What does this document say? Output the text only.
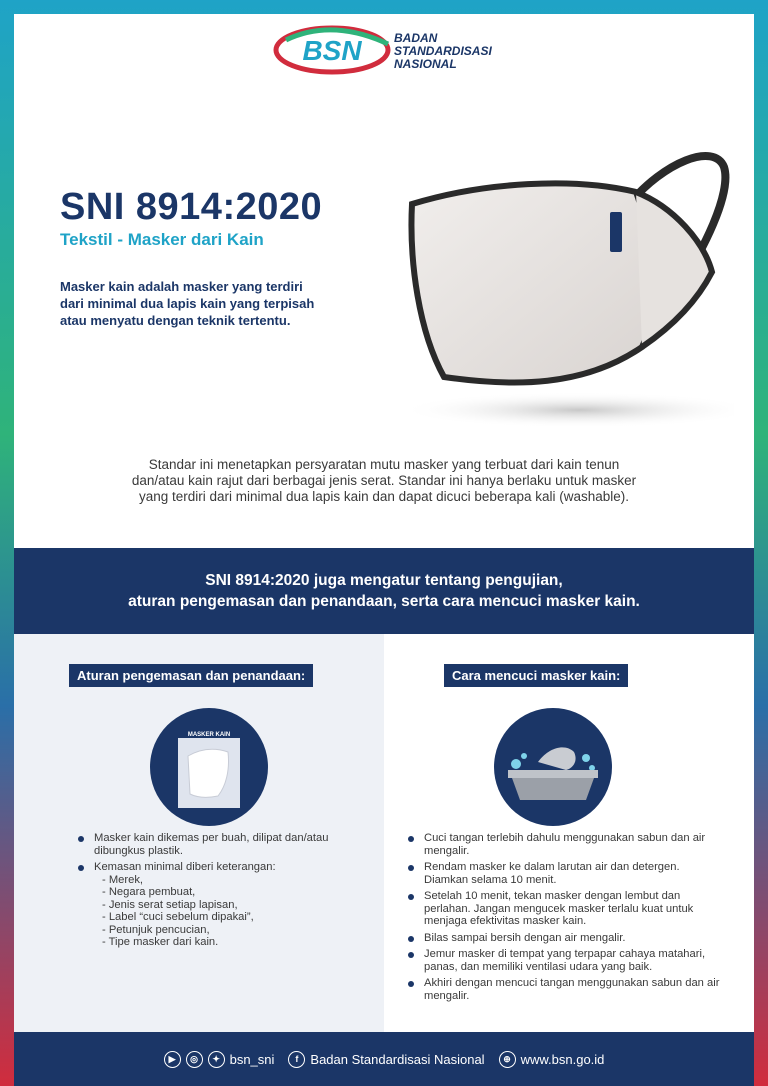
BSN	BADAN
STANDARDISASI
NASIONAL
SNI 8914:2020
Tekstil - Masker dari Kain
Masker kain adalah masker yang terdiri dari minimal dua lapis kain yang terpisah atau menyatu dengan teknik tertentu.
Standar ini menetapkan persyaratan mutu masker yang terbuat dari kain tenun
dan/atau kain rajut dari berbagai jenis serat. Standar ini hanya berlaku untuk masker
yang terdiri dari minimal dua lapis kain dan dapat dicuci beberapa kali (washable).
SNI 8914:2020 juga mengatur tentang pengujian,
aturan pengemasan dan penandaan, serta cara mencuci masker kain.
Aturan pengemasan dan penandaan:
MASKER KAIN
Masker kain dikemas per buah, dilipat dan/atau dibungkus plastik.
Kemasan minimal diberi keterangan:
- Merek,
- Negara pembuat,
- Jenis serat setiap lapisan,
- Label “cuci sebelum dipakai”,
- Petunjuk pencucian,
- Tipe masker dari kain.
Cara mencuci masker kain:
Cuci tangan terlebih dahulu menggunakan sabun dan air mengalir.
Rendam masker ke dalam larutan air dan detergen. Diamkan selama 10 menit.
Setelah 10 menit, tekan masker dengan lembut dan perlahan. Jangan mengucek masker terlalu kuat untuk menjaga efektivitas masker kain.
Bilas sampai bersih dengan air mengalir.
Jemur masker di tempat yang terpapar cahaya matahari, panas, dan memiliki ventilasi udara yang baik.
Akhiri dengan mencuci tangan menggunakan sabun dan air mengalir.
▶	◎	✦ bsn_sni	f Badan Standardisasi Nasional	⊕ www.bsn.go.id
